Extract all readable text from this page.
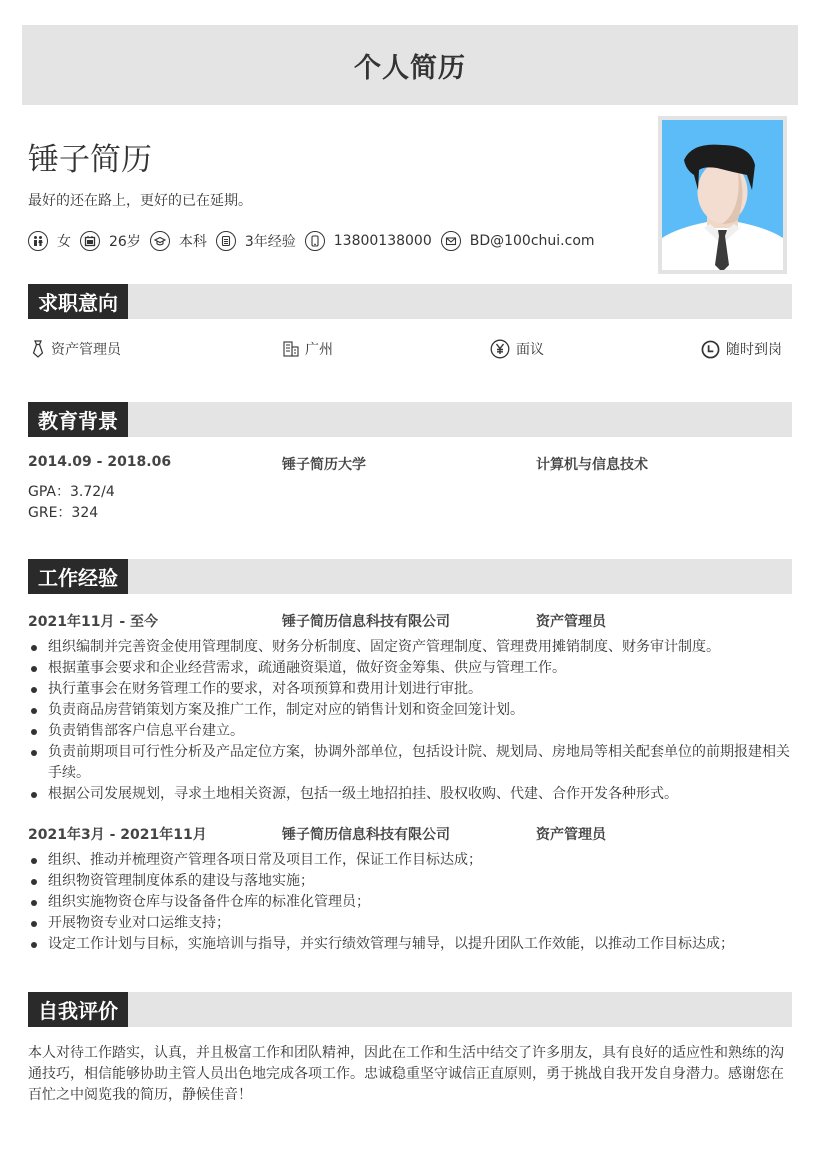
个人简历
锤子简历
最好的还在路上，更好的已在延期。
女	26岁	本科	3年经验	13800138000	BD@100chui.com
求职意向
资产管理员	广州	面议	随时到岗
教育背景
2014.09 - 2018.06	锤子简历大学	计算机与信息技术
GPA：3.72/4
GRE：324
工作经验
2021年11月 - 至今	锤子简历信息科技有限公司	资产管理员
组织编制并完善资金使用管理制度、财务分析制度、固定资产管理制度、管理费用摊销制度、财务审计制度。
根据董事会要求和企业经营需求，疏通融资渠道，做好资金筹集、供应与管理工作。
执行董事会在财务管理工作的要求，对各项预算和费用计划进行审批。
负责商品房营销策划方案及推广工作，制定对应的销售计划和资金回笼计划。
负责销售部客户信息平台建立。
负责前期项目可行性分析及产品定位方案，协调外部单位，包括设计院、规划局、房地局等相关配套单位的前期报建相关手续。
根据公司发展规划，寻求土地相关资源，包括一级土地招拍挂、股权收购、代建、合作开发各种形式。
2021年3月 - 2021年11月	锤子简历信息科技有限公司	资产管理员
组织、推动并梳理资产管理各项日常及项目工作，保证工作目标达成；
组织物资管理制度体系的建设与落地实施；
组织实施物资仓库与设备备件仓库的标准化管理员；
开展物资专业对口运维支持；
设定工作计划与目标，实施培训与指导，并实行绩效管理与辅导，以提升团队工作效能，以推动工作目标达成；
自我评价
本人对待工作踏实，认真，并且极富工作和团队精神，因此在工作和生活中结交了许多朋友，具有良好的适应性和熟练的沟通技巧，相信能够协助主管人员出色地完成各项工作。忠诚稳重坚守诚信正直原则，勇于挑战自我开发自身潜力。感谢您在百忙之中阅览我的简历，静候佳音！
